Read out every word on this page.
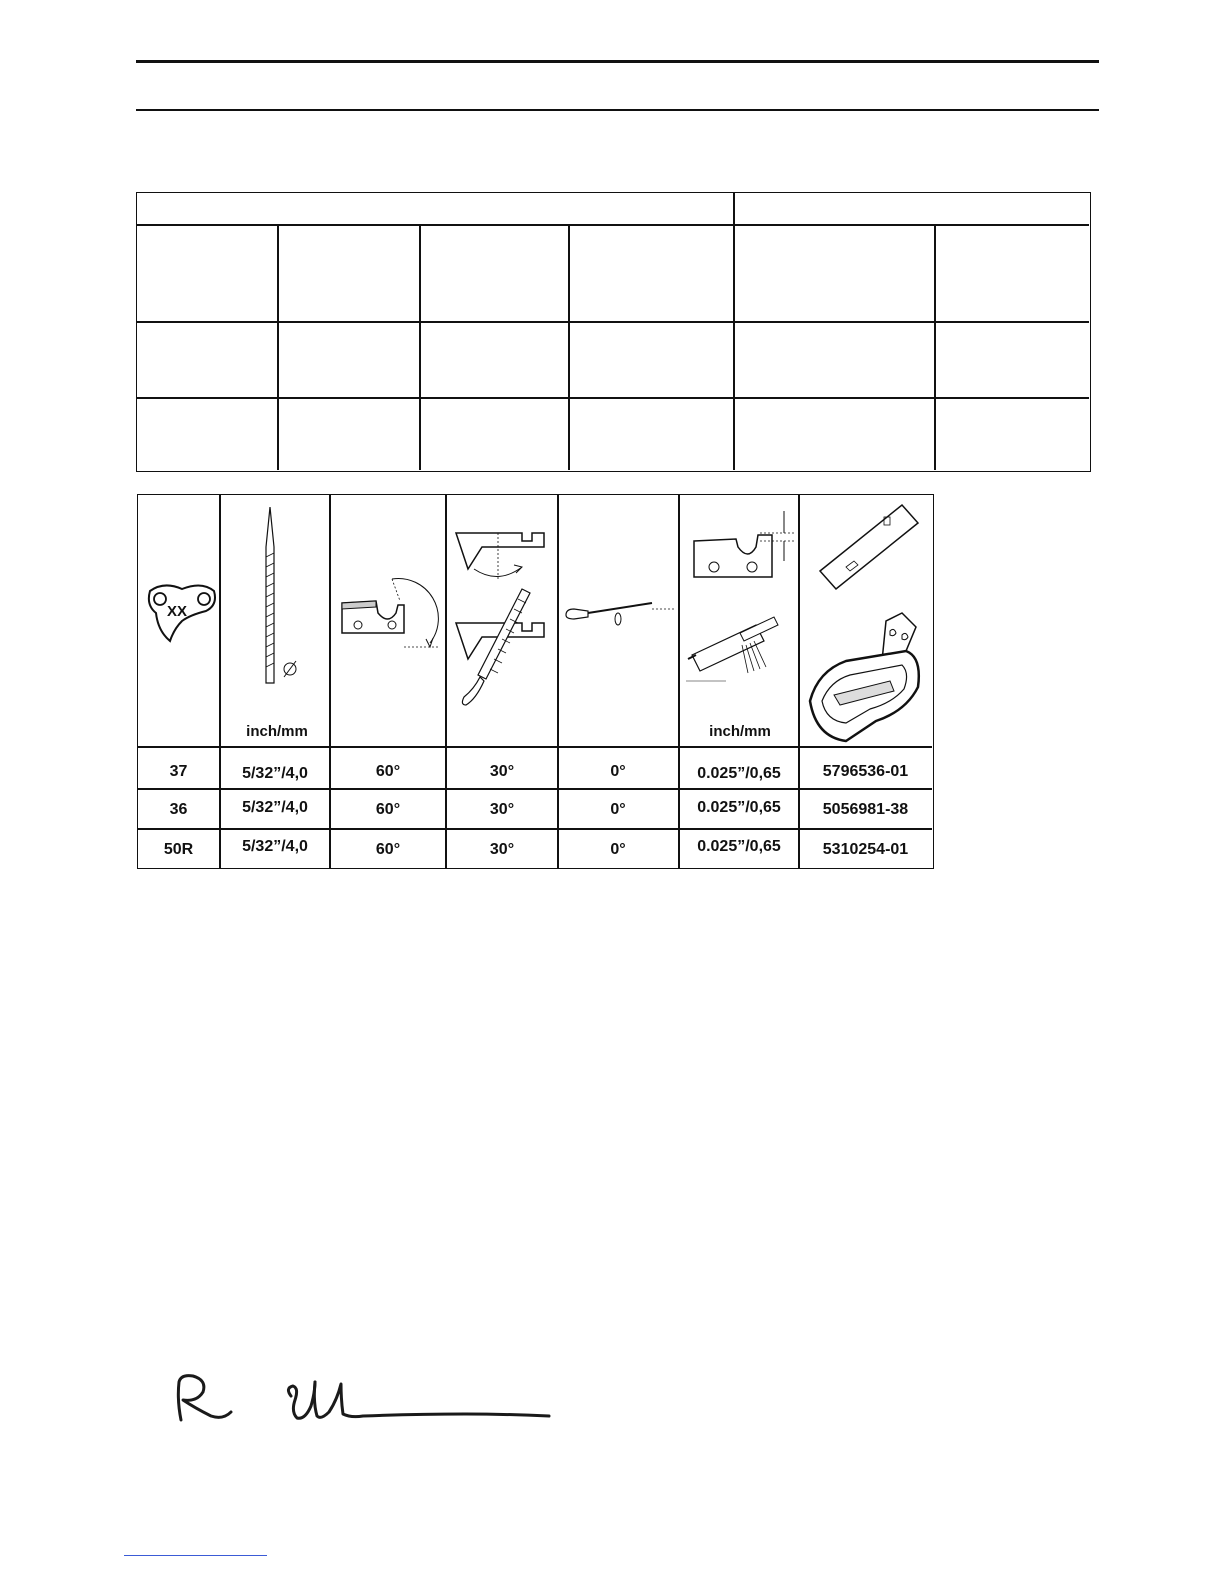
XX
inch/mm	inch/mm
37	5/32”/4,0	60°	30°	0°	0.025”/0,65	5796536-01
36	5/32”/4,0	60°	30°	0°	0.025”/0,65	5056981-38
50R	5/32”/4,0	60°	30°	0°	0.025”/0,65	5310254-01
